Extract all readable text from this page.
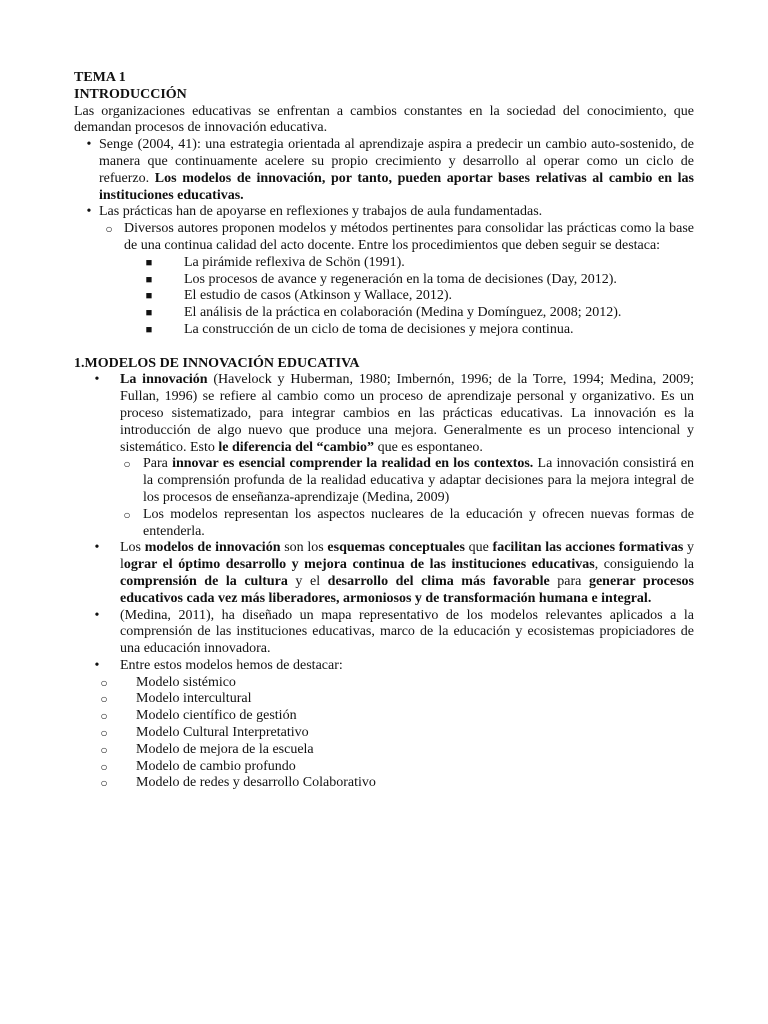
TEMA 1

INTRODUCCIÓN

Las organizaciones educativas se enfrentan a cambios constantes en la sociedad del conocimiento, que demandan procesos de innovación educativa.

• Senge (2004, 41): una estrategia orientada al aprendizaje aspira a predecir un cambio auto-sostenido, de manera que continuamente acelere su propio crecimiento y desarrollo al operar como un ciclo de refuerzo. Los modelos de innovación, por tanto, pueden aportar bases relativas al cambio en las instituciones educativas.

• Las prácticas han de apoyarse en reflexiones y trabajos de aula fundamentadas.

○ Diversos autores proponen modelos y métodos pertinentes para consolidar las prácticas como la base de una continua calidad del acto docente. Entre los procedimientos que deben seguir se destaca:

■ La pirámide reflexiva de Schön (1991).
■ Los procesos de avance y regeneración en la toma de decisiones (Day, 2012).
■ El estudio de casos (Atkinson y Wallace, 2012).
■ El análisis de la práctica en colaboración (Medina y Domínguez, 2008; 2012).
■ La construcción de un ciclo de toma de decisiones y mejora continua.

1.MODELOS DE INNOVACIÓN EDUCATIVA

• La innovación (Havelock y Huberman, 1980; Imbernón, 1996; de la Torre, 1994; Medina, 2009; Fullan, 1996) se refiere al cambio como un proceso de aprendizaje personal y organizativo. Es un proceso sistematizado, para integrar cambios en las prácticas educativas. La innovación es la introducción de algo nuevo que produce una mejora. Generalmente es un proceso intencional y sistemático. Esto le diferencia del “cambio” que es espontaneo.

○ Para innovar es esencial comprender la realidad en los contextos. La innovación consistirá en la comprensión profunda de la realidad educativa y adaptar decisiones para la mejora integral de los procesos de enseñanza-aprendizaje (Medina, 2009)

○ Los modelos representan los aspectos nucleares de la educación y ofrecen nuevas formas de entenderla.

• Los modelos de innovación son los esquemas conceptuales que facilitan las acciones formativas y lograr el óptimo desarrollo y mejora continua de las instituciones educativas, consiguiendo la comprensión de la cultura y el desarrollo del clima más favorable para generar procesos educativos cada vez más liberadores, armoniosos y de transformación humana e integral.

• (Medina, 2011), ha diseñado un mapa representativo de los modelos relevantes aplicados a la comprensión de las instituciones educativas, marco de la educación y ecosistemas propiciadores de una educación innovadora.

• Entre estos modelos hemos de destacar:

○ Modelo sistémico
○ Modelo intercultural
○ Modelo científico de gestión
○ Modelo Cultural Interpretativo
○ Modelo de mejora de la escuela
○ Modelo de cambio profundo
○ Modelo de redes y desarrollo Colaborativo
